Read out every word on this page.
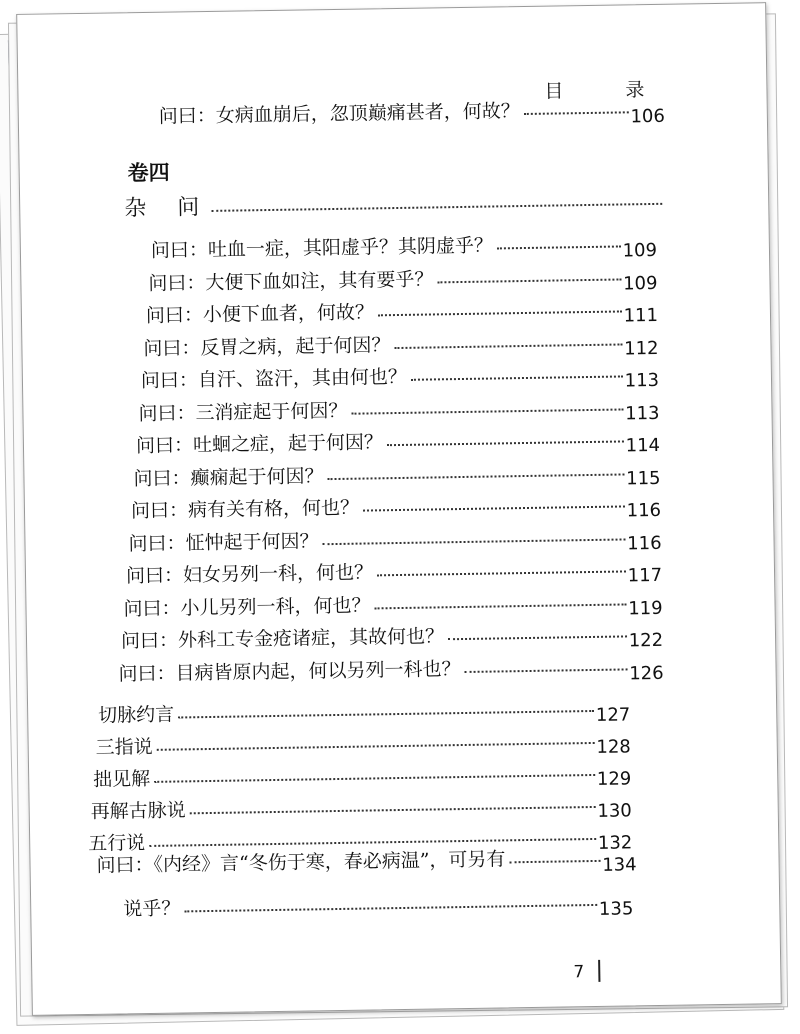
目 录
问曰：女病血崩后，忽顶巅痛甚者，何故？	106
卷四
杂 问
问曰：吐血一症，其阳虚乎？其阴虚乎？	109
问曰：大便下血如注，其有要乎？	109
问曰：小便下血者，何故？	111
问曰：反胃之病，起于何因？	112
问曰：自汗、盗汗，其由何也？	113
问曰：三消症起于何因？	113
问曰：吐蛔之症，起于何因？	114
问曰：癫痫起于何因？	115
问曰：病有关有格，何也？	116
问曰：怔忡起于何因？	116
问曰：妇女另列一科，何也？	117
问曰：小儿另列一科，何也？	119
问曰：外科工专金疮诸症，其故何也？	122
问曰：目病皆原内起，何以另列一科也？	126
切脉约言	127
三指说	128
拙见解	129
再解古脉说	130
五行说	132
问曰：《内经》言“冬伤于寒，春必病温”，可另有	134
说乎？	135
7
